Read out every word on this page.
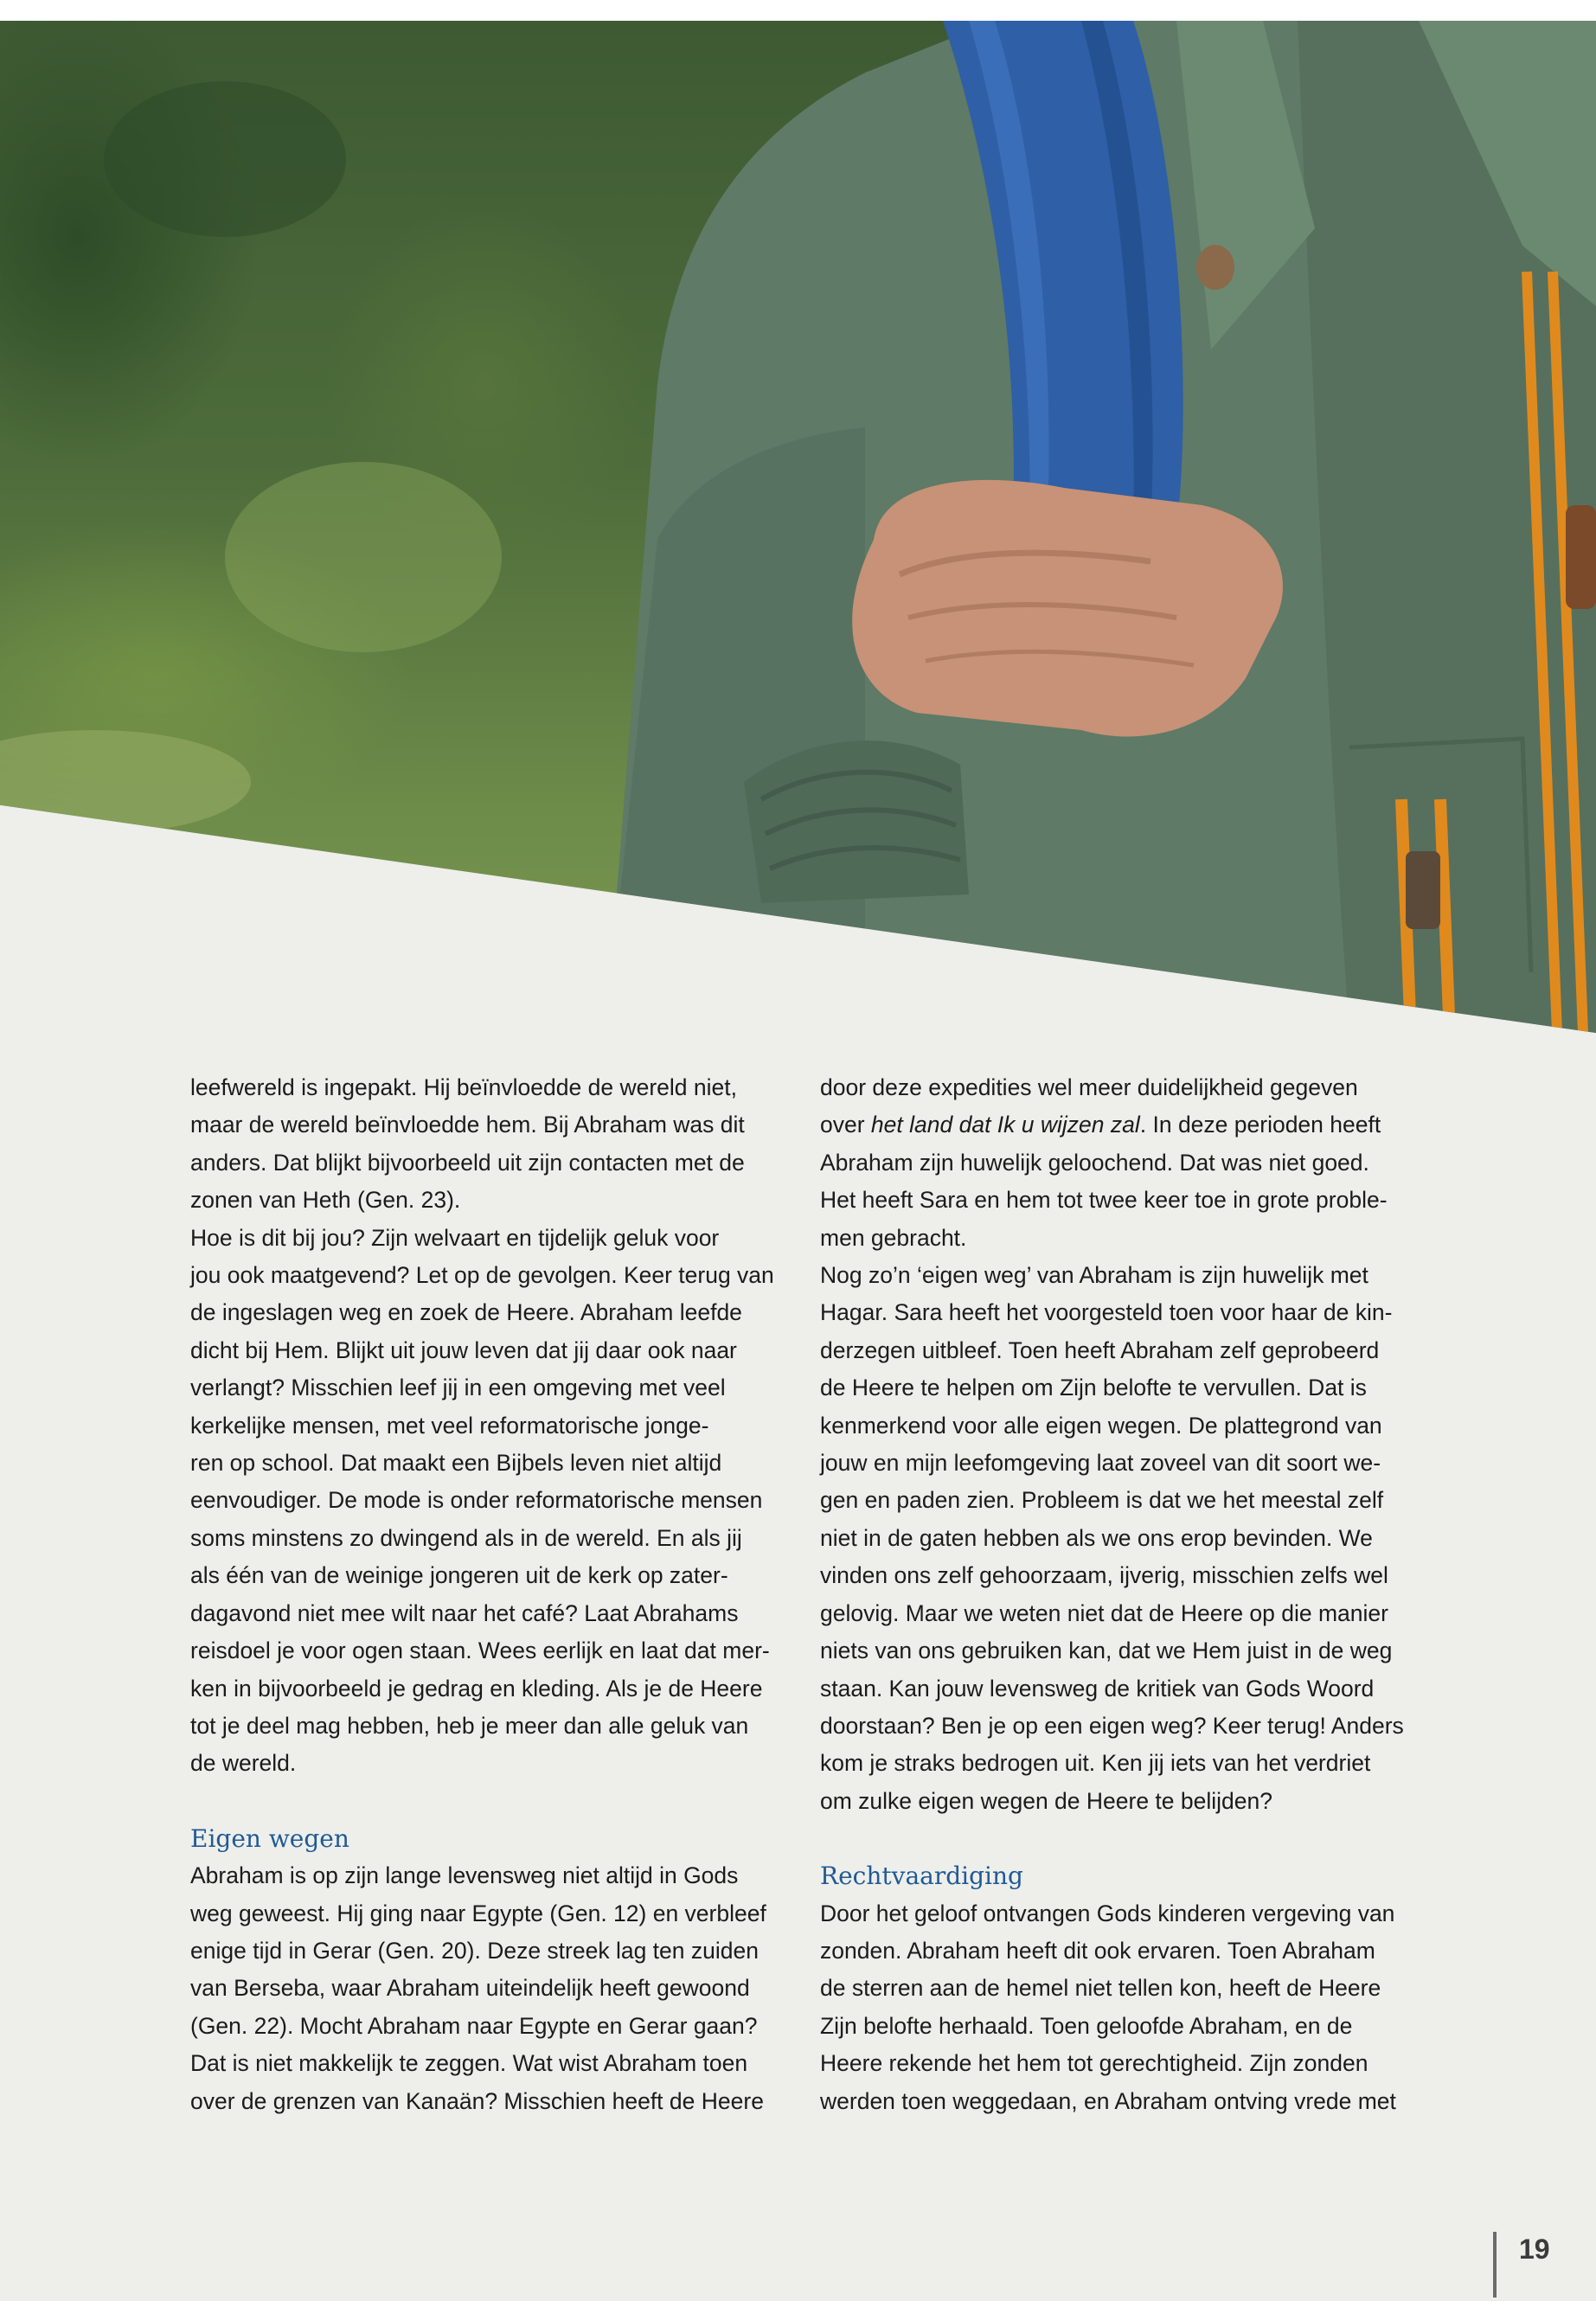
leefwereld is ingepakt. Hij beïnvloedde de wereld niet,

maar de wereld beïnvloedde hem. Bij Abraham was dit

anders. Dat blijkt bijvoorbeeld uit zijn contacten met de

zonen van Heth (Gen. 23).

Hoe is dit bij jou? Zijn welvaart en tijdelijk geluk voor

jou ook maatgevend? Let op de gevolgen. Keer terug van

de ingeslagen weg en zoek de Heere. Abraham leefde

dicht bij Hem. Blijkt uit jouw leven dat jij daar ook naar

verlangt? Misschien leef jij in een omgeving met veel

kerkelijke mensen, met veel reformatorische jonge-

ren op school. Dat maakt een Bijbels leven niet altijd

eenvoudiger. De mode is onder reformatorische mensen

soms minstens zo dwingend als in de wereld. En als jij

als één van de weinige jongeren uit de kerk op zater-

dagavond niet mee wilt naar het café? Laat Abrahams

reisdoel je voor ogen staan. Wees eerlijk en laat dat mer-

ken in bijvoorbeeld je gedrag en kleding. Als je de Heere

tot je deel mag hebben, heb je meer dan alle geluk van

de wereld.

Eigen wegen

Abraham is op zijn lange levensweg niet altijd in Gods

weg geweest. Hij ging naar Egypte (Gen. 12) en verbleef

enige tijd in Gerar (Gen. 20). Deze streek lag ten zuiden

van Berseba, waar Abraham uiteindelijk heeft gewoond

(Gen. 22). Mocht Abraham naar Egypte en Gerar gaan?

Dat is niet makkelijk te zeggen. Wat wist Abraham toen

over de grenzen van Kanaän? Misschien heeft de Heere

door deze expedities wel meer duidelijkheid gegeven

over het land dat Ik u wijzen zal. In deze perioden heeft

Abraham zijn huwelijk geloochend. Dat was niet goed.

Het heeft Sara en hem tot twee keer toe in grote proble-

men gebracht.

Nog zo’n ‘eigen weg’ van Abraham is zijn huwelijk met

Hagar. Sara heeft het voorgesteld toen voor haar de kin-

derzegen uitbleef. Toen heeft Abraham zelf geprobeerd

de Heere te helpen om Zijn belofte te vervullen. Dat is

kenmerkend voor alle eigen wegen. De plattegrond van

jouw en mijn leefomgeving laat zoveel van dit soort we-

gen en paden zien. Probleem is dat we het meestal zelf

niet in de gaten hebben als we ons erop bevinden. We

vinden ons zelf gehoorzaam, ijverig, misschien zelfs wel

gelovig. Maar we weten niet dat de Heere op die manier

niets van ons gebruiken kan, dat we Hem juist in de weg

staan. Kan jouw levensweg de kritiek van Gods Woord

doorstaan? Ben je op een eigen weg? Keer terug! Anders

kom je straks bedrogen uit. Ken jij iets van het verdriet

om zulke eigen wegen de Heere te belijden?

Rechtvaardiging

Door het geloof ontvangen Gods kinderen vergeving van

zonden. Abraham heeft dit ook ervaren. Toen Abraham

de sterren aan de hemel niet tellen kon, heeft de Heere

Zijn belofte herhaald. Toen geloofde Abraham, en de

Heere rekende het hem tot gerechtigheid. Zijn zonden

werden toen weggedaan, en Abraham ontving vrede met

19
